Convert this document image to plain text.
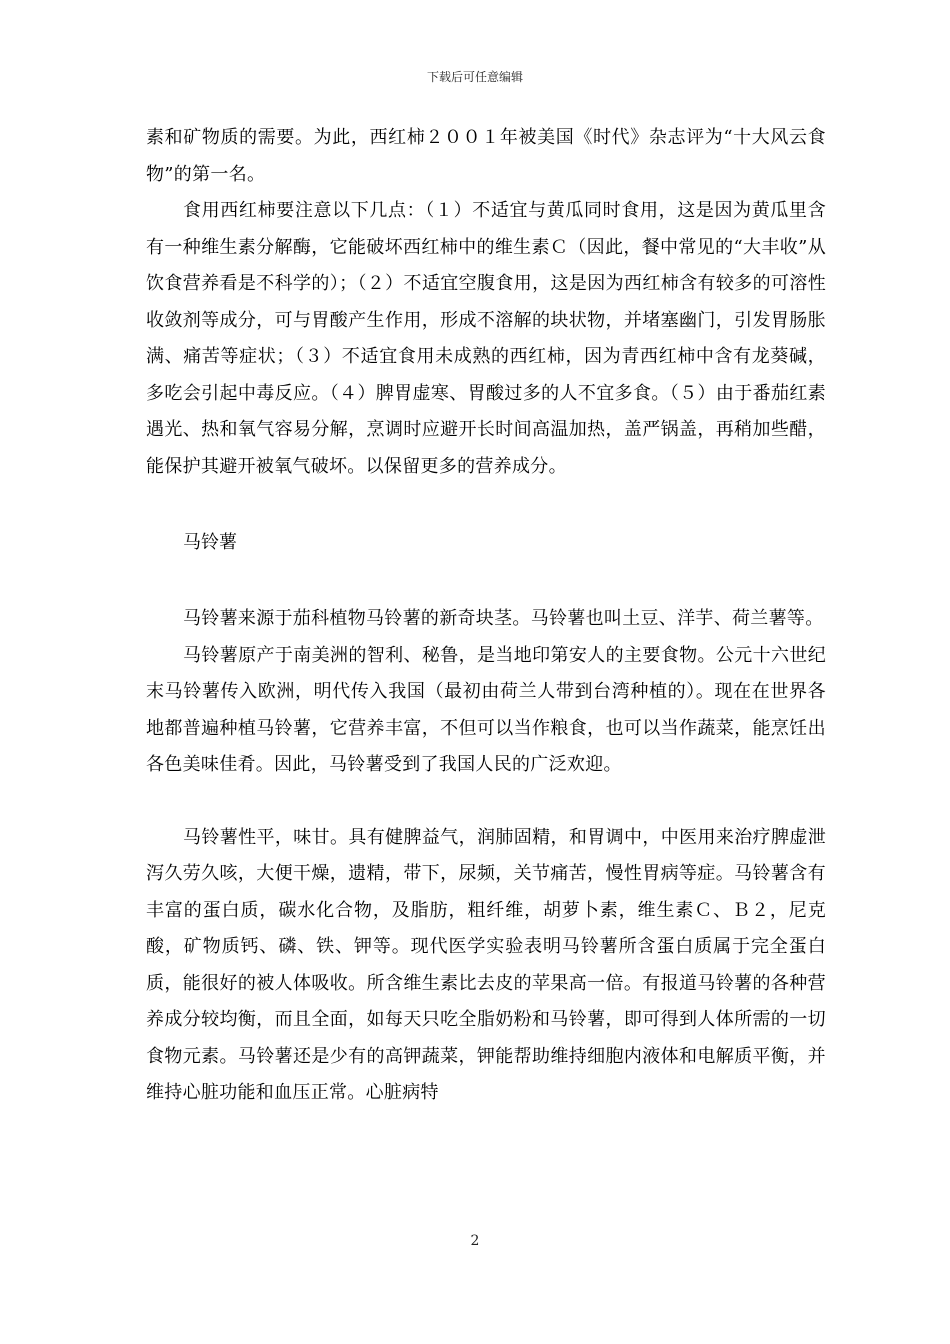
下载后可任意编辑

素和矿物质的需要。为此，西红柿２００１年被美国《时代》杂志评为“十大风云食物”的第一名。

食用西红柿要注意以下几点：（１）不适宜与黄瓜同时食用，这是因为黄瓜里含有一种维生素分解酶，它能破坏西红柿中的维生素Ｃ（因此，餐中常见的“大丰收”从饮食营养看是不科学的）；（２）不适宜空腹食用，这是因为西红柿含有较多的可溶性收敛剂等成分，可与胃酸产生作用，形成不溶解的块状物，并堵塞幽门，引发胃肠胀满、痛苦等症状；（３）不适宜食用未成熟的西红柿，因为青西红柿中含有龙葵碱，多吃会引起中毒反应。（４）脾胃虚寒、胃酸过多的人不宜多食。（５）由于番茄红素遇光、热和氧气容易分解，烹调时应避开长时间高温加热，盖严锅盖，再稍加些醋，能保护其避开被氧气破坏。以保留更多的营养成分。

马铃薯

马铃薯来源于茄科植物马铃薯的新奇块茎。马铃薯也叫土豆、洋芋、荷兰薯等。

马铃薯原产于南美洲的智利、秘鲁，是当地印第安人的主要食物。公元十六世纪末马铃薯传入欧洲，明代传入我国（最初由荷兰人带到台湾种植的）。现在在世界各地都普遍种植马铃薯，它营养丰富，不但可以当作粮食，也可以当作蔬菜，能烹饪出各色美味佳肴。因此，马铃薯受到了我国人民的广泛欢迎。

马铃薯性平，味甘。具有健脾益气，润肺固精，和胃调中，中医用来治疗脾虚泄泻久劳久咳，大便干燥，遗精，带下，尿频，关节痛苦，慢性胃病等症。马铃薯含有丰富的蛋白质，碳水化合物，及脂肪，粗纤维，胡萝卜素，维生素Ｃ、Ｂ２，尼克酸，矿物质钙、磷、铁、钾等。现代医学实验表明马铃薯所含蛋白质属于完全蛋白质，能很好的被人体吸收。所含维生素比去皮的苹果高一倍。有报道马铃薯的各种营养成分较均衡，而且全面，如每天只吃全脂奶粉和马铃薯，即可得到人体所需的一切食物元素。马铃薯还是少有的高钾蔬菜，钾能帮助维持细胞内液体和电解质平衡，并维持心脏功能和血压正常。心脏病特

2
